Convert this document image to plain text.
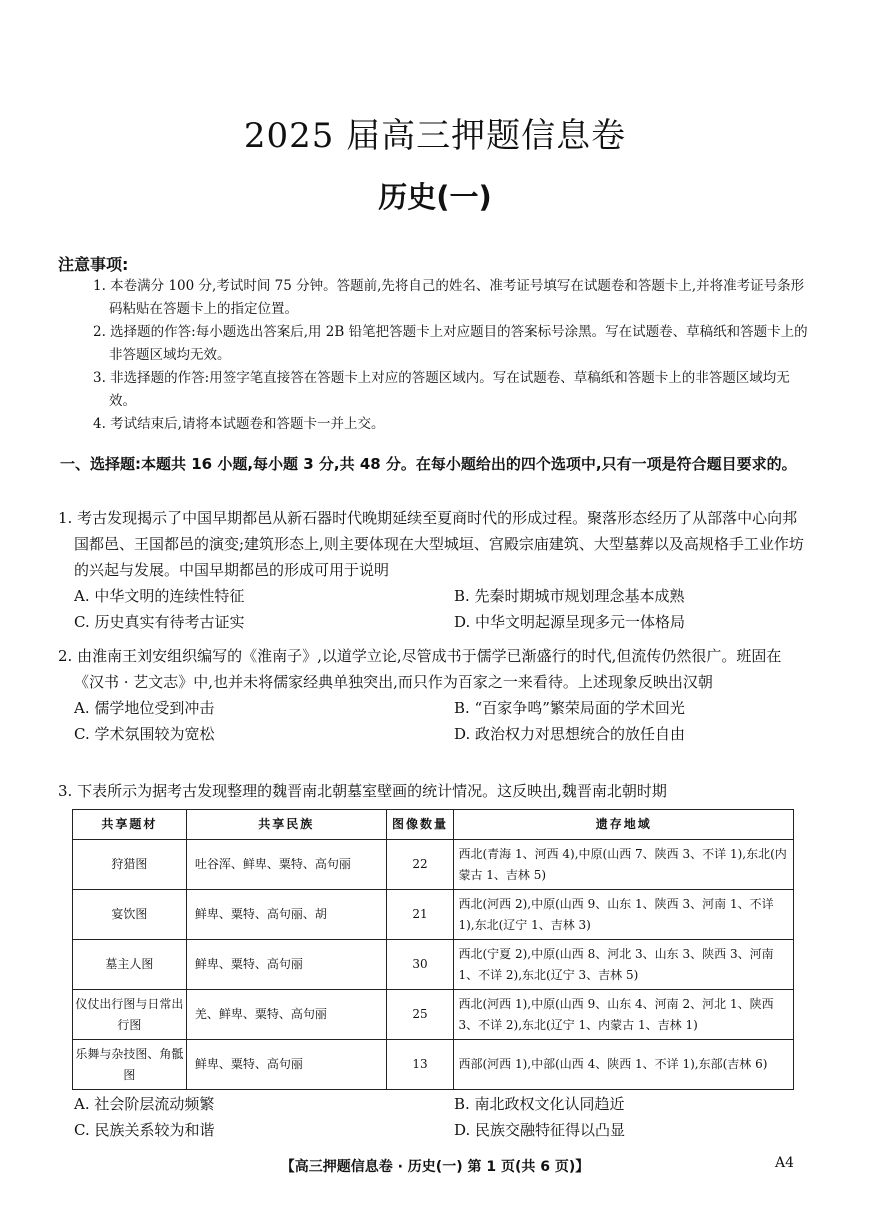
2025 届高三押题信息卷
历史(一)
注意事项:
1. 本卷满分 100 分,考试时间 75 分钟。答题前,先将自己的姓名、准考证号填写在试题卷和答题卡上,并将准考证号条形码粘贴在答题卡上的指定位置。
2. 选择题的作答:每小题选出答案后,用 2B 铅笔把答题卡上对应题目的答案标号涂黑。写在试题卷、草稿纸和答题卡上的非答题区域均无效。
3. 非选择题的作答:用签字笔直接答在答题卡上对应的答题区域内。写在试题卷、草稿纸和答题卡上的非答题区域均无效。
4. 考试结束后,请将本试题卷和答题卡一并上交。
一、选择题:本题共 16 小题,每小题 3 分,共 48 分。在每小题给出的四个选项中,只有一项是符合题目要求的。
1. 考古发现揭示了中国早期都邑从新石器时代晚期延续至夏商时代的形成过程。聚落形态经历了从部落中心向邦国都邑、王国都邑的演变;建筑形态上,则主要体现在大型城垣、宫殿宗庙建筑、大型墓葬以及高规格手工业作坊的兴起与发展。中国早期都邑的形成可用于说明
A. 中华文明的连续性特征	B. 先秦时期城市规划理念基本成熟
C. 历史真实有待考古证实	D. 中华文明起源呈现多元一体格局
2. 由淮南王刘安组织编写的《淮南子》,以道学立论,尽管成书于儒学已渐盛行的时代,但流传仍然很广。班固在《汉书 · 艺文志》中,也并未将儒家经典单独突出,而只作为百家之一来看待。上述现象反映出汉朝
A. 儒学地位受到冲击	B. “百家争鸣”繁荣局面的学术回光
C. 学术氛围较为宽松	D. 政治权力对思想统合的放任自由
3. 下表所示为据考古发现整理的魏晋南北朝墓室壁画的统计情况。这反映出,魏晋南北朝时期
共享题材	共享民族	图像数量	遗存地域
狩猎图	吐谷浑、鲜卑、粟特、高句丽	22	西北(青海 1、河西 4),中原(山西 7、陕西 3、不详 1),东北(内蒙古 1、吉林 5)
宴饮图	鲜卑、粟特、高句丽、胡	21	西北(河西 2),中原(山西 9、山东 1、陕西 3、河南 1、不详 1),东北(辽宁 1、吉林 3)
墓主人图	鲜卑、粟特、高句丽	30	西北(宁夏 2),中原(山西 8、河北 3、山东 3、陕西 3、河南 1、不详 2),东北(辽宁 3、吉林 5)
仪仗出行图与日常出行图	羌、鲜卑、粟特、高句丽	25	西北(河西 1),中原(山西 9、山东 4、河南 2、河北 1、陕西 3、不详 2),东北(辽宁 1、内蒙古 1、吉林 1)
乐舞与杂技图、角骶图	鲜卑、粟特、高句丽	13	西部(河西 1),中部(山西 4、陕西 1、不详 1),东部(吉林 6)
A. 社会阶层流动频繁	B. 南北政权文化认同趋近
C. 民族关系较为和谐	D. 民族交融特征得以凸显
【高三押题信息卷 · 历史(一) 第 1 页(共 6 页)】	A4
